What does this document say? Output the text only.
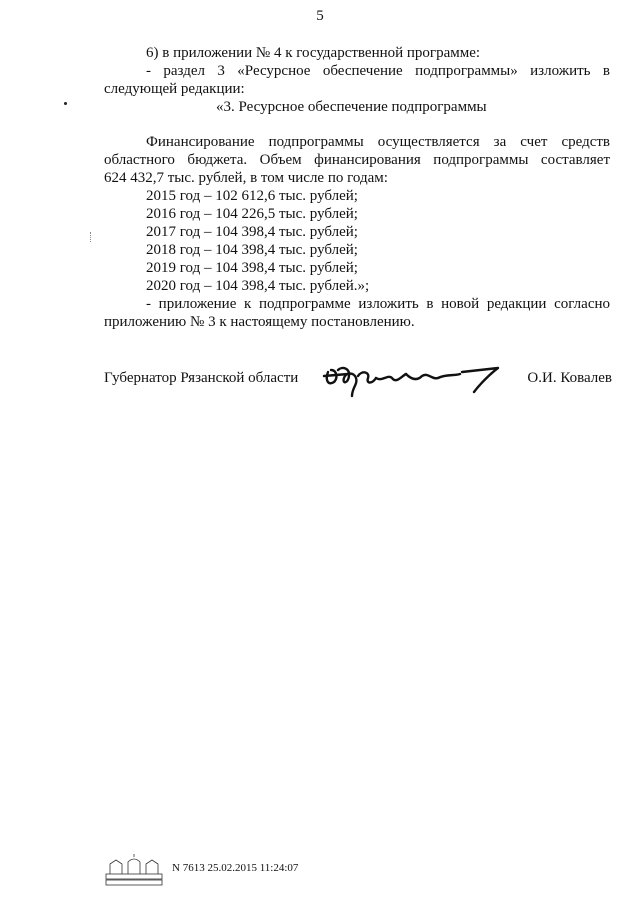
5
6) в приложении № 4 к государственной программе:
- раздел 3 «Ресурсное обеспечение подпрограммы» изложить в
следующей редакции:
«3. Ресурсное обеспечение подпрограммы
Финансирование подпрограммы осуществляется за счет средств
областного бюджета. Объем финансирования подпрограммы составляет
624 432,7 тыс. рублей, в том числе по годам:
2015 год – 102 612,6 тыс. рублей;
2016 год – 104 226,5 тыс. рублей;
2017 год – 104 398,4 тыс. рублей;
2018 год – 104 398,4 тыс. рублей;
2019 год – 104 398,4 тыс. рублей;
2020 год – 104 398,4 тыс. рублей.»;
- приложение к подпрограмме изложить в новой редакции согласно
приложению № 3 к настоящему постановлению.
Губернатор Рязанской области	О.И. Ковалев
N 7613 25.02.2015 11:24:07
